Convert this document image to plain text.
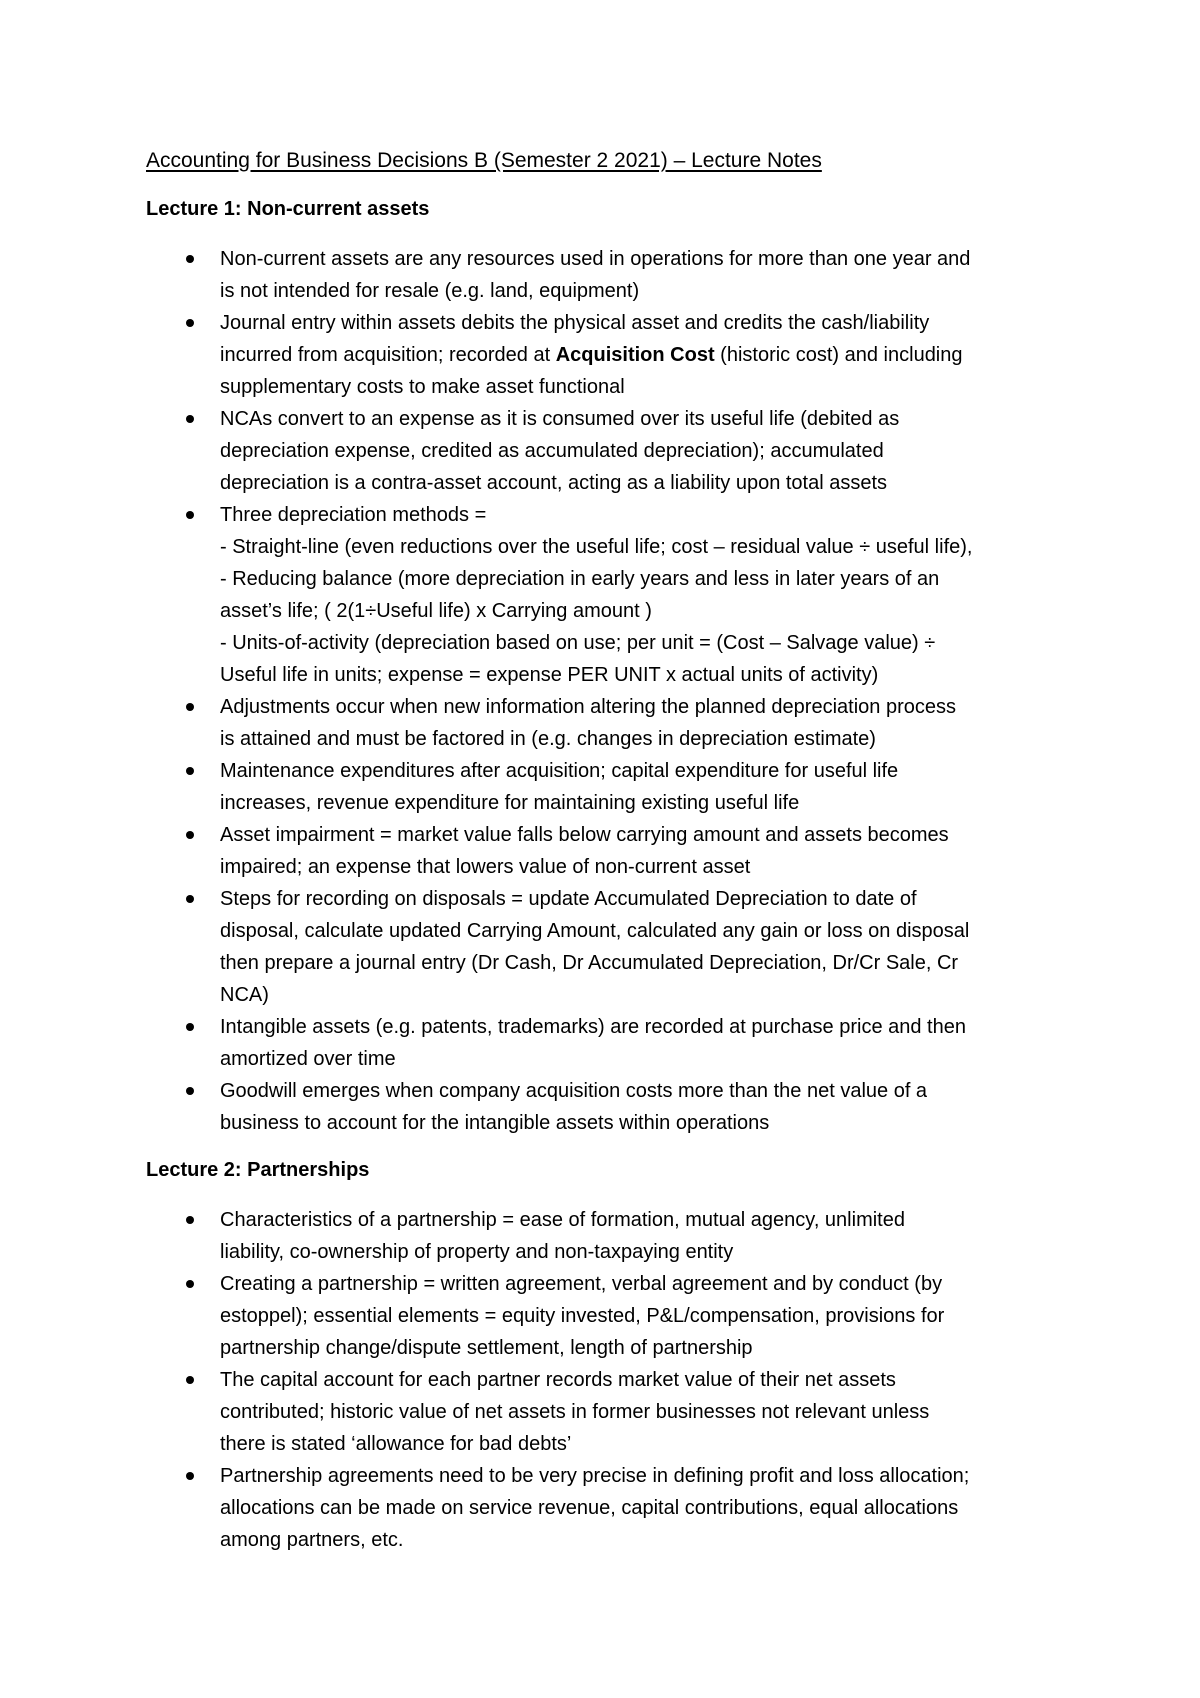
Accounting for Business Decisions B (Semester 2 2021) – Lecture Notes
Lecture 1: Non-current assets
Non-current assets are any resources used in operations for more than one year and
is not intended for resale (e.g. land, equipment)
Journal entry within assets debits the physical asset and credits the cash/liability
incurred from acquisition; recorded at Acquisition Cost (historic cost) and including
supplementary costs to make asset functional
NCAs convert to an expense as it is consumed over its useful life (debited as
depreciation expense, credited as accumulated depreciation); accumulated
depreciation is a contra-asset account, acting as a liability upon total assets
Three depreciation methods =
- Straight-line (even reductions over the useful life; cost – residual value ÷ useful life),
- Reducing balance (more depreciation in early years and less in later years of an
asset’s life; ( 2(1÷Useful life) x Carrying amount )
- Units-of-activity (depreciation based on use; per unit = (Cost – Salvage value) ÷
Useful life in units; expense = expense PER UNIT x actual units of activity)
Adjustments occur when new information altering the planned depreciation process
is attained and must be factored in (e.g. changes in depreciation estimate)
Maintenance expenditures after acquisition; capital expenditure for useful life
increases, revenue expenditure for maintaining existing useful life
Asset impairment = market value falls below carrying amount and assets becomes
impaired; an expense that lowers value of non-current asset
Steps for recording on disposals = update Accumulated Depreciation to date of
disposal, calculate updated Carrying Amount, calculated any gain or loss on disposal
then prepare a journal entry (Dr Cash, Dr Accumulated Depreciation, Dr/Cr Sale, Cr
NCA)
Intangible assets (e.g. patents, trademarks) are recorded at purchase price and then
amortized over time
Goodwill emerges when company acquisition costs more than the net value of a
business to account for the intangible assets within operations
Lecture 2: Partnerships
Characteristics of a partnership = ease of formation, mutual agency, unlimited
liability, co-ownership of property and non-taxpaying entity
Creating a partnership = written agreement, verbal agreement and by conduct (by
estoppel); essential elements = equity invested, P&L/compensation, provisions for
partnership change/dispute settlement, length of partnership
The capital account for each partner records market value of their net assets
contributed; historic value of net assets in former businesses not relevant unless
there is stated ‘allowance for bad debts’
Partnership agreements need to be very precise in defining profit and loss allocation;
allocations can be made on service revenue, capital contributions, equal allocations
among partners, etc.
